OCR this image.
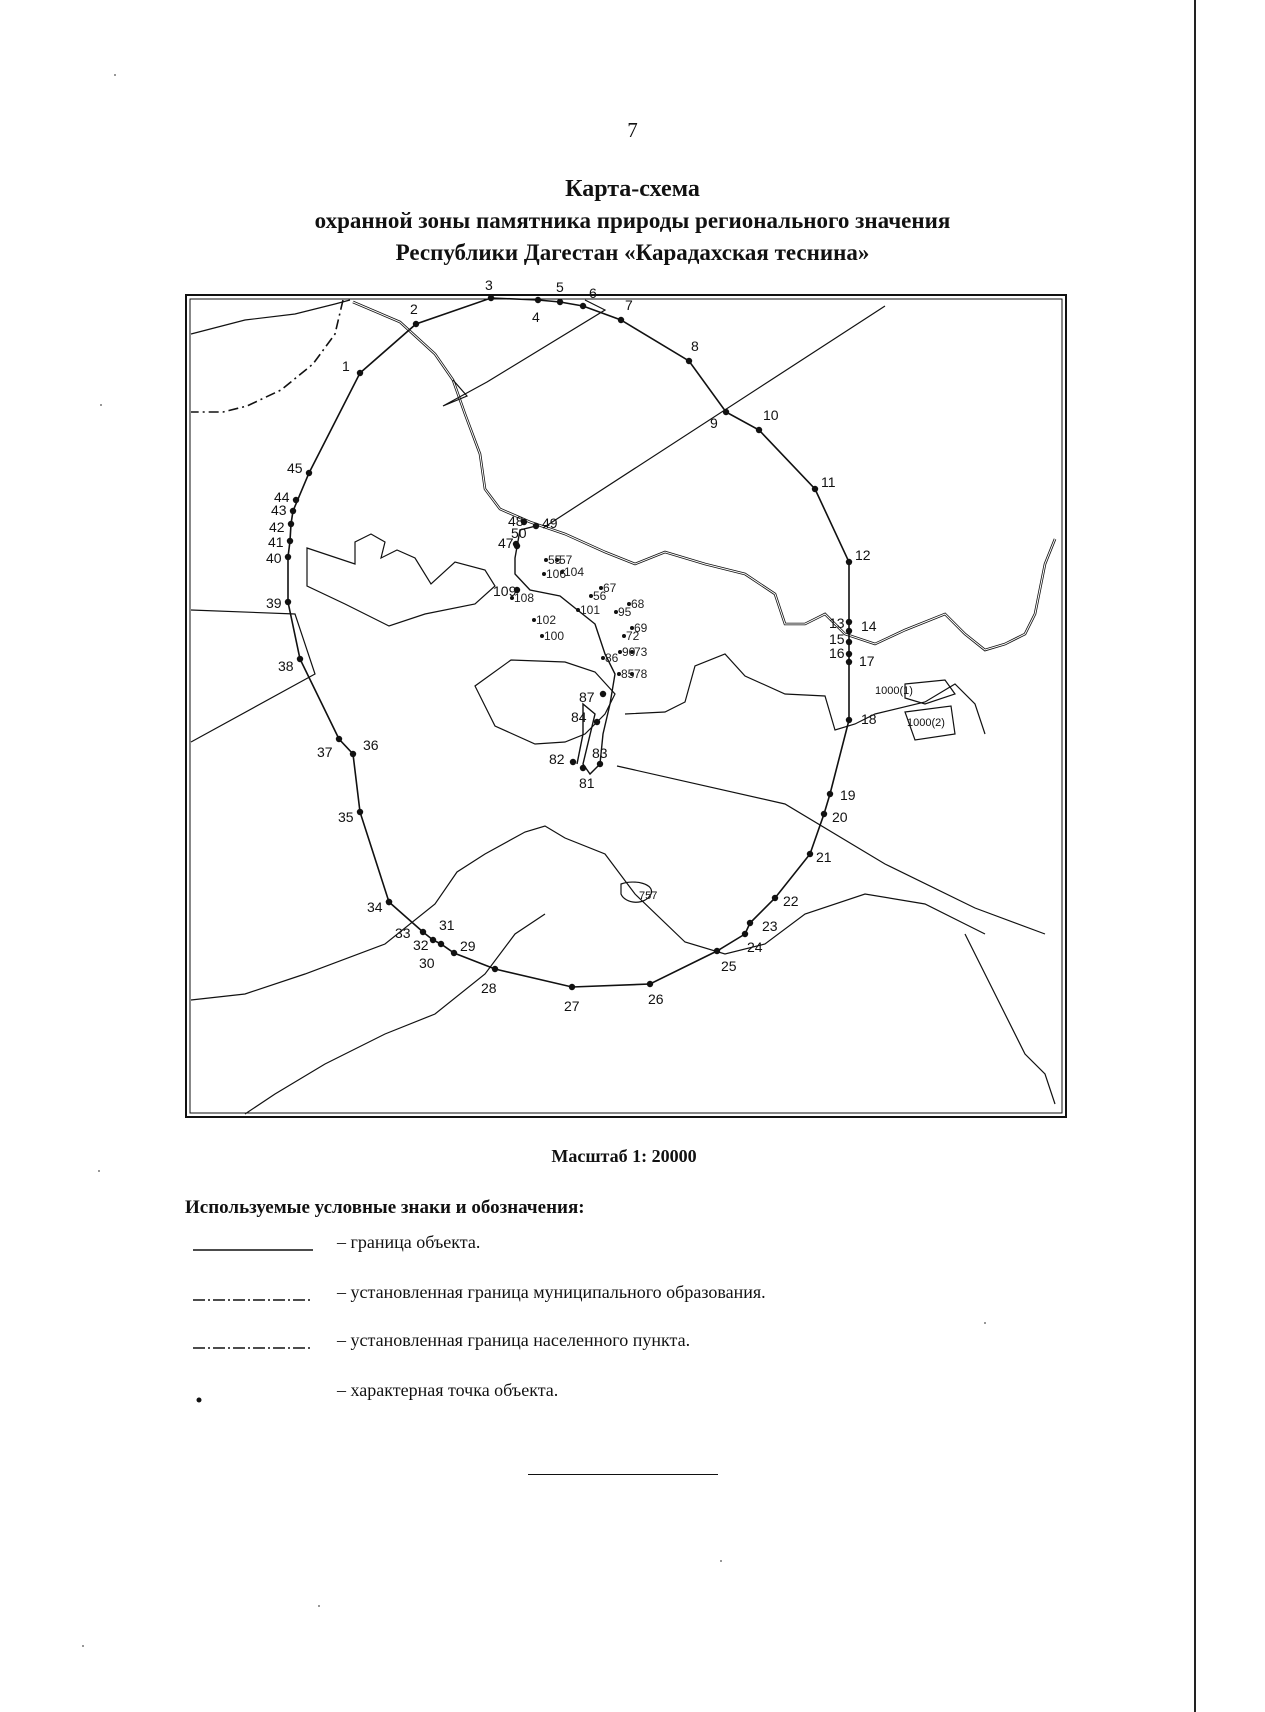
7
Карта-схема
охранной зоны памятника природы регионального значения
Республики Дагестан «Карадахская теснина»
1
2
3
4
5 6
7
8
9	10
11
12
13 14
15
16 17
18
19
20
21
22
23
24
25
26
27
28
29
30
31
32
33
34
35
36
37
38
39
40
41
42
43
44
45
47
48 49
50
81
82 83
84
87
109
55
57
56
67
68
95
69
72
73
78
85
86 90
100
101
102
104
106
108
757
1000(1)
1000(2)
Масштаб 1: 20000
Используемые условные знаки и обозначения:
– граница объекта.
– установленная граница муниципального образования.
– установленная граница населенного пункта.
– характерная точка объекта.
